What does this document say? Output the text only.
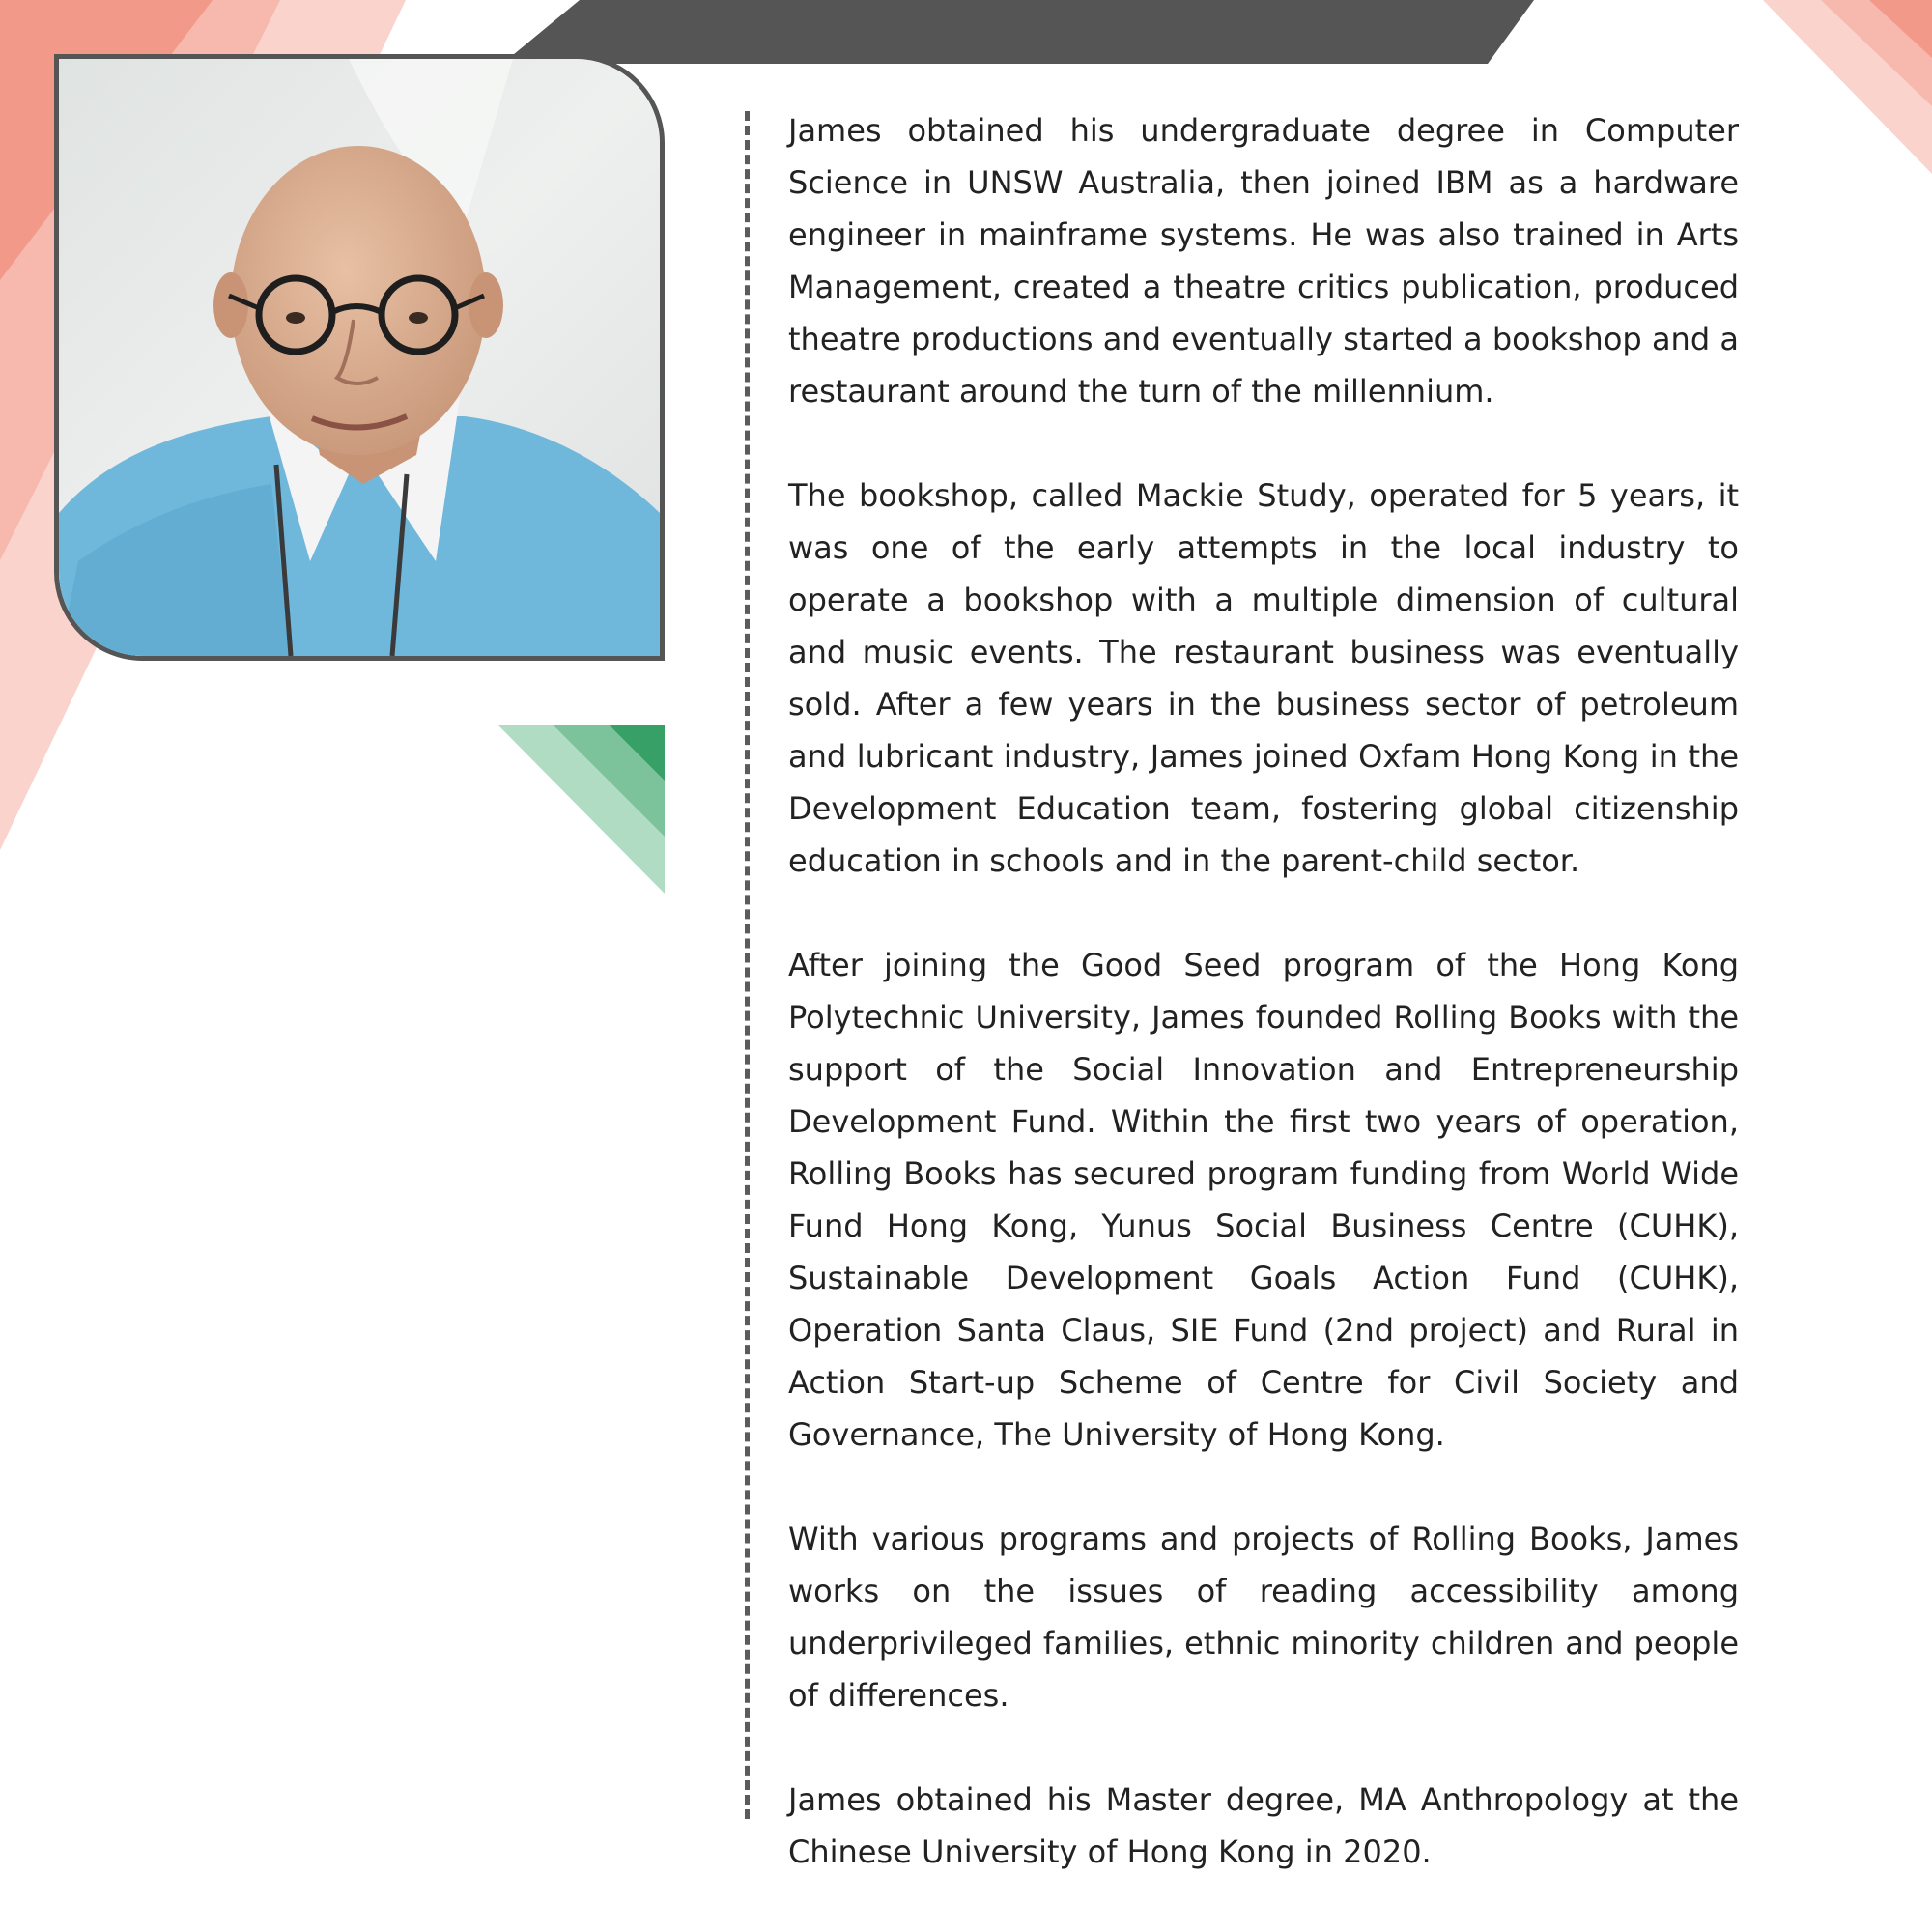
James obtained his undergraduate degree in Computer Science in UNSW Australia, then joined IBM as a hardware engineer in mainframe systems. He was also trained in Arts Management, created a theatre critics publication, produced theatre productions and eventually started a bookshop and a restaurant around the turn of the millennium.

The bookshop, called Mackie Study, operated for 5 years, it was one of the early attempts in the local industry to operate a bookshop with a multiple dimension of cultural and music events. The restaurant business was eventually sold. After a few years in the business sector of petroleum and lubricant industry, James joined Oxfam Hong Kong in the Development Education team, fostering global citizenship education in schools and in the parent-child sector.

After joining the Good Seed program of the Hong Kong Polytechnic University, James founded Rolling Books with the support of the Social Innovation and Entrepreneurship Development Fund. Within the first two years of operation, Rolling Books has secured program funding from World Wide Fund Hong Kong, Yunus Social Business Centre (CUHK), Sustainable Development Goals Action Fund (CUHK), Operation Santa Claus, SIE Fund (2nd project) and Rural in Action Start-up Scheme of Centre for Civil Society and Governance, The University of Hong Kong.

With various programs and projects of Rolling Books, James works on the issues of reading accessibility among underprivileged families, ethnic minority children and people of differences.

James obtained his Master degree, MA Anthropology at the Chinese University of Hong Kong in 2020.
